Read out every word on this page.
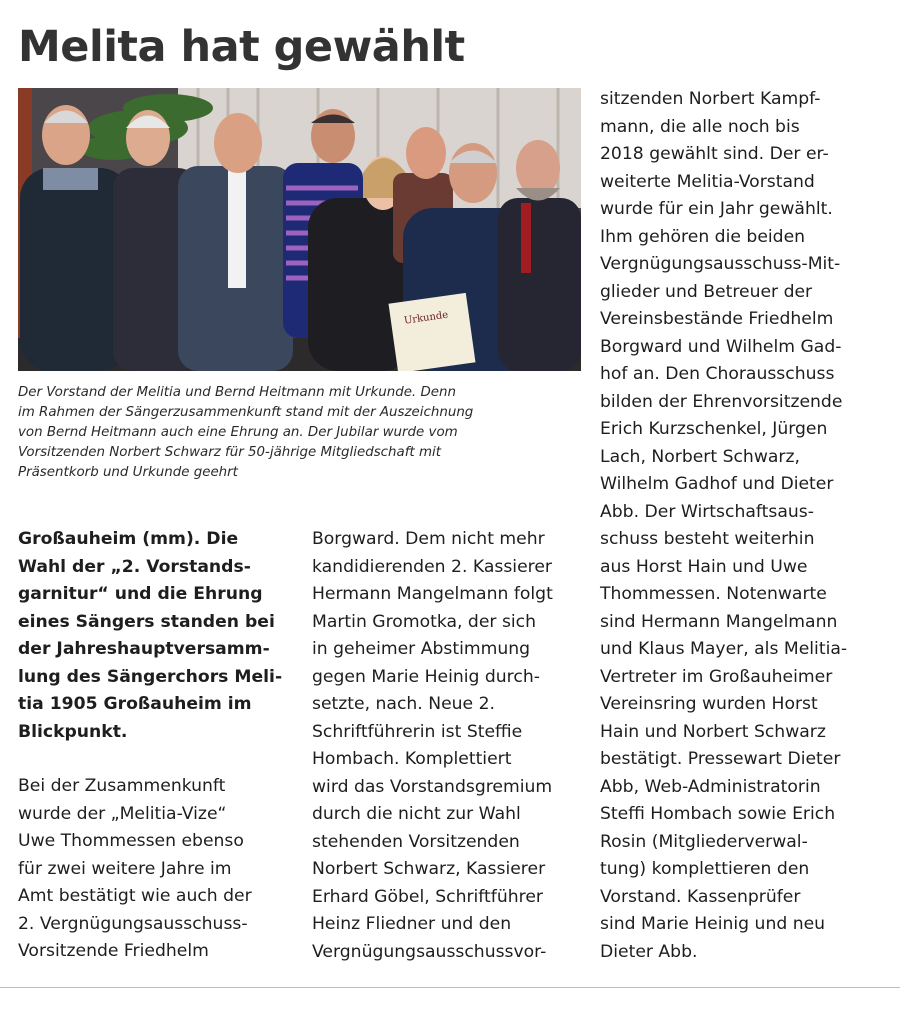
Melita hat gewählt
Urkunde
Der Vorstand der Melitia und Bernd Heitmann mit Urkunde. Denn
im Rahmen der Sängerzusammenkunft stand mit der Auszeichnung
von Bernd Heitmann auch eine Ehrung an. Der Jubilar wurde vom
Vorsitzenden Norbert Schwarz für 50-jährige Mitgliedschaft mit
Präsentkorb und Urkunde geehrt
Großauheim (mm). Die
Wahl der „2. Vorstands-
garnitur“ und die Ehrung
eines Sängers standen bei
der Jahreshauptversamm-
lung des Sängerchors Meli-
tia 1905 Großauheim im
Blickpunkt.
Bei der Zusammenkunft
wurde der „Melitia-Vize“
Uwe Thommessen ebenso
für zwei weitere Jahre im
Amt bestätigt wie auch der
2. Vergnügungsausschuss-
Vorsitzende Friedhelm
Borgward. Dem nicht mehr
kandidierenden 2. Kassierer
Hermann Mangelmann folgt
Martin Gromotka, der sich
in geheimer Abstimmung
gegen Marie Heinig durch-
setzte, nach. Neue 2.
Schriftführerin ist Steffie
Hombach. Komplettiert
wird das Vorstandsgremium
durch die nicht zur Wahl
stehenden Vorsitzenden
Norbert Schwarz, Kassierer
Erhard Göbel, Schriftführer
Heinz Fliedner und den
Vergnügungsausschussvor-
sitzenden Norbert Kampf-
mann, die alle noch bis
2018 gewählt sind. Der er-
weiterte Melitia-Vorstand
wurde für ein Jahr gewählt.
Ihm gehören die beiden
Vergnügungsausschuss-Mit-
glieder und Betreuer der
Vereinsbestände Friedhelm
Borgward und Wilhelm Gad-
hof an. Den Chorausschuss
bilden der Ehrenvorsitzende
Erich Kurzschenkel, Jürgen
Lach, Norbert Schwarz,
Wilhelm Gadhof und Dieter
Abb. Der Wirtschaftsaus-
schuss besteht weiterhin
aus Horst Hain und Uwe
Thommessen. Notenwarte
sind Hermann Mangelmann
und Klaus Mayer, als Melitia-
Vertreter im Großauheimer
Vereinsring wurden Horst
Hain und Norbert Schwarz
bestätigt. Pressewart Dieter
Abb, Web-Administratorin
Steffi Hombach sowie Erich
Rosin (Mitgliederverwal-
tung) komplettieren den
Vorstand. Kassenprüfer
sind Marie Heinig und neu
Dieter Abb.
